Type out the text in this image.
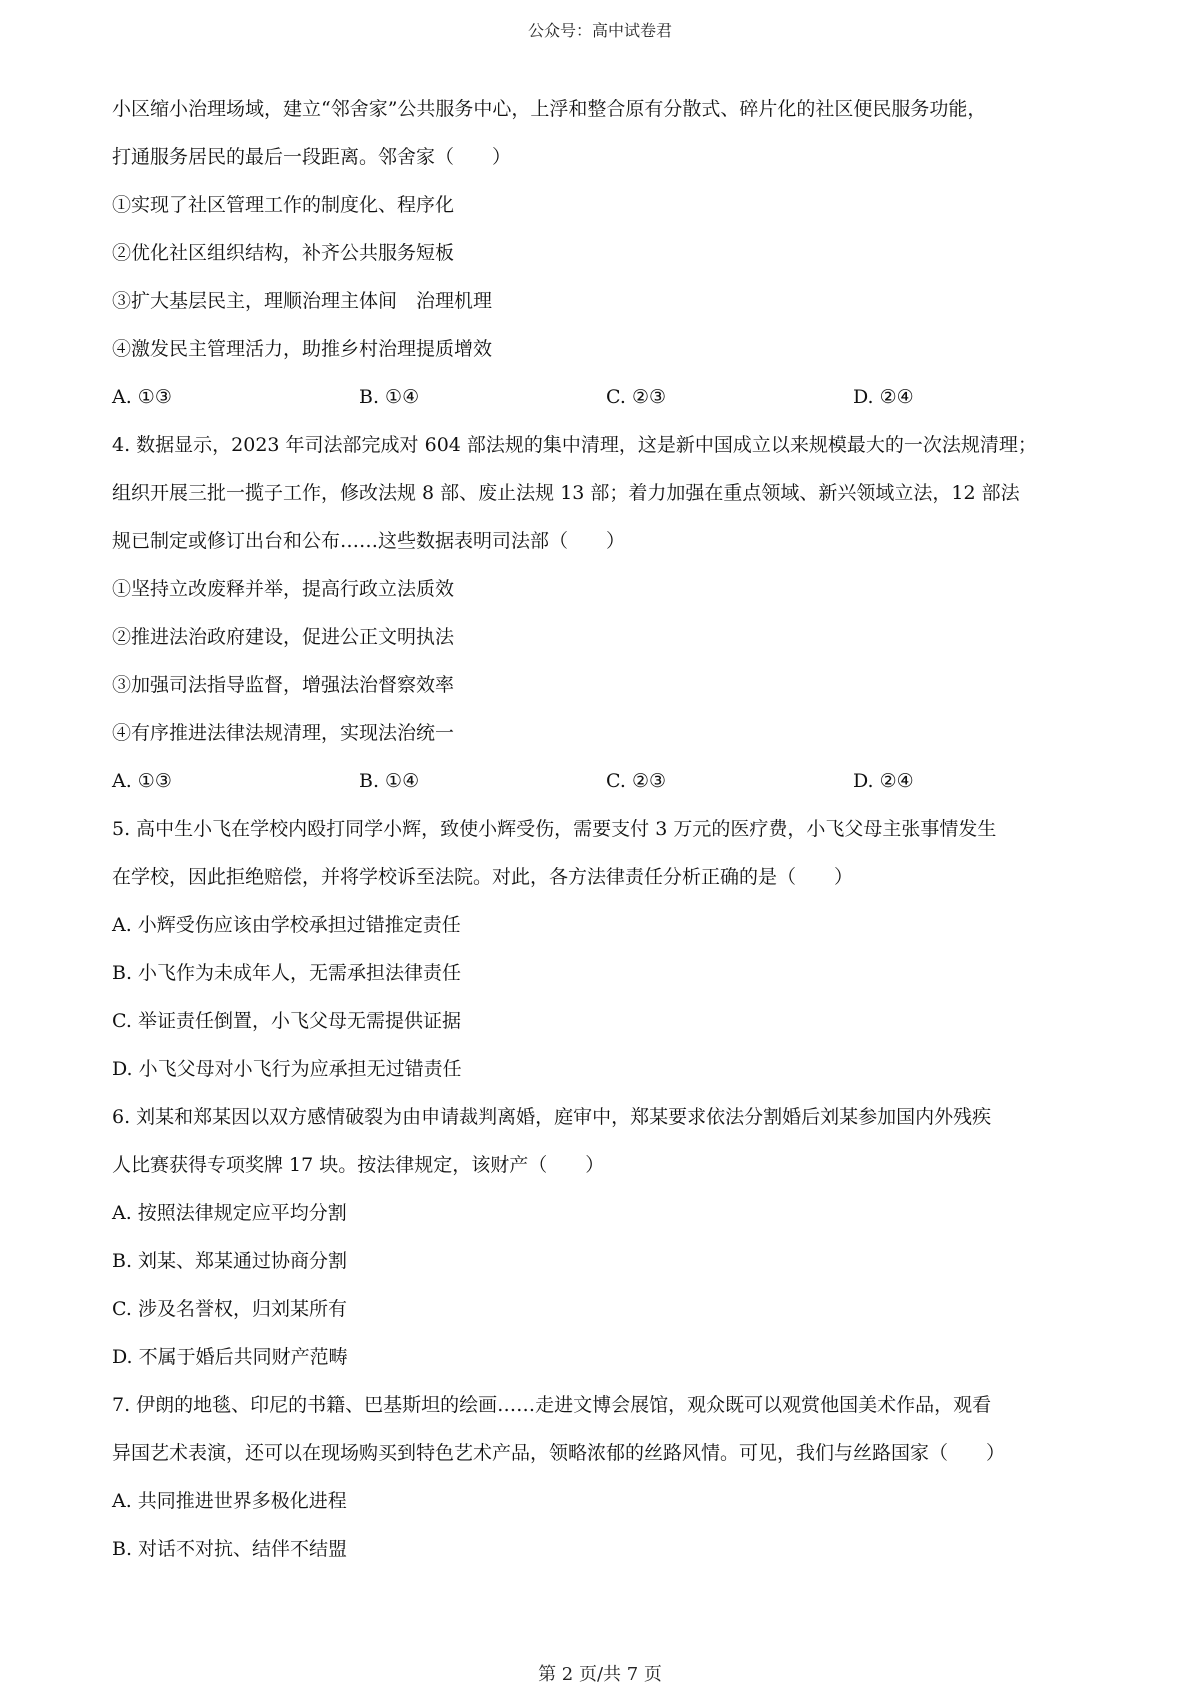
公众号：高中试卷君
小区缩小治理场域，建立“邻舍家”公共服务中心，上浮和整合原有分散式、碎片化的社区便民服务功能，
打通服务居民的最后一段距离。邻舍家（　　）
①实现了社区管理工作的制度化、程序化
②优化社区组织结构，补齐公共服务短板
③扩大基层民主，理顺治理主体间　治理机理
④激发民主管理活力，助推乡村治理提质增效
A. ①③	B. ①④	C. ②③	D. ②④
4. 数据显示，2023 年司法部完成对 604 部法规的集中清理，这是新中国成立以来规模最大的一次法规清理；
组织开展三批一揽子工作，修改法规 8 部、废止法规 13 部；着力加强在重点领域、新兴领域立法，12 部法
规已制定或修订出台和公布……这些数据表明司法部（　　）
①坚持立改废释并举，提高行政立法质效
②推进法治政府建设，促进公正文明执法
③加强司法指导监督，增强法治督察效率
④有序推进法律法规清理，实现法治统一
A. ①③	B. ①④	C. ②③	D. ②④
5. 高中生小飞在学校内殴打同学小辉，致使小辉受伤，需要支付 3 万元的医疗费，小飞父母主张事情发生
在学校，因此拒绝赔偿，并将学校诉至法院。对此，各方法律责任分析正确的是（　　）
A. 小辉受伤应该由学校承担过错推定责任
B. 小飞作为未成年人，无需承担法律责任
C. 举证责任倒置，小飞父母无需提供证据
D. 小飞父母对小飞行为应承担无过错责任
6. 刘某和郑某因以双方感情破裂为由申请裁判离婚，庭审中，郑某要求依法分割婚后刘某参加国内外残疾
人比赛获得专项奖牌 17 块。按法律规定，该财产（　　）
A. 按照法律规定应平均分割
B. 刘某、郑某通过协商分割
C. 涉及名誉权，归刘某所有
D. 不属于婚后共同财产范畴
7. 伊朗的地毯、印尼的书籍、巴基斯坦的绘画……走进文博会展馆，观众既可以观赏他国美术作品，观看
异国艺术表演，还可以在现场购买到特色艺术产品，领略浓郁的丝路风情。可见，我们与丝路国家（　　）
A. 共同推进世界多极化进程
B. 对话不对抗、结伴不结盟
第 2 页/共 7 页
